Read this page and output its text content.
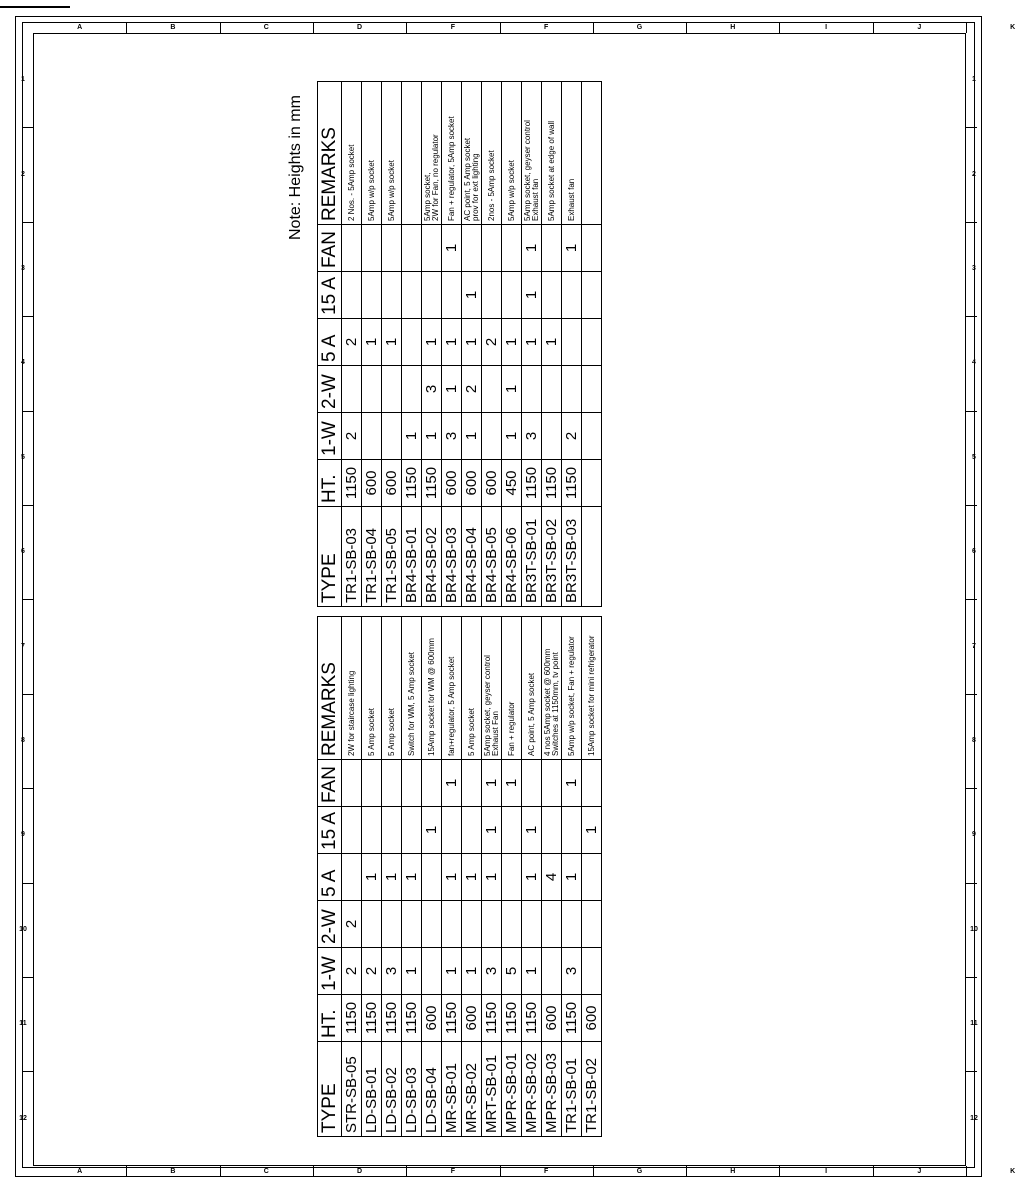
A
A
B
B
C
C
D
D
F
F
F
F
G
G
H
H
I
I
J
J
K
K
1	1
2	2
3	3
4	4
5	5
6	6
7	7
8	8
9	9
10	10
11	11
12	12
Note: Heights in mm
TYPE	HT.	1-W	2-W	5 A	15 A	FAN	REMARKS
STR-SB-05	1150	2	2				2W for staircase lighting

LD-SB-01	1150	2		1			5 Amp socket

LD-SB-02	1150	3		1			5 Amp socket

LD-SB-03	1150	1		1			Switch for WM, 5 Amp socket

LD-SB-04	600				1		15Amp socket for WM @ 600mm

MR-SB-01	1150	1		1		1	fan+regulator, 5 Amp socket

MR-SB-02	600	1		1			5 Amp socket

MRT-SB-01	1150	3		1	1	1	5Amp socket, geyser control Exhaust Fan

MPR-SB-01	1150	5				1	Fan + regulator

MPR-SB-02	1150	1		1	1		AC point, 5 Amp socket

MPR-SB-03	600			4			4 nos 5Amp socket @ 600mm Switches at 1150mm, tv point

TR1-SB-01	1150	3		1		1	5Amp w/p socket, Fan + regulator

TR1-SB-02	600				1		15Amp socket for mini refrigerator
TYPE	HT.	1-W	2-W	5 A	15 A	FAN	REMARKS
TR1-SB-03	1150	2		2			2 Nos. - 5Amp socket

TR1-SB-04	600			1			5Amp w/p socket

TR1-SB-05	600			1			5Amp w/p socket

BR4-SB-01	1150	1					

BR4-SB-02	1150	1	3	1			5Amp socket, 2W for Fan, no regulator

BR4-SB-03	600	3	1	1		1	Fan + regulator, 5Amp socket

BR4-SB-04	600	1	2	1	1		AC point, 5 Amp socket prov for ext lighting

BR4-SB-05	600			2			2nos - 5Amp socket

BR4-SB-06	450	1	1	1			5Amp w/p socket

BR3T-SB-01	1150	3		1	1	1	5Amp socket, geyser control Exhaust fan

BR3T-SB-02	1150			1			5Amp socket at edge of wall

BR3T-SB-03	1150	2				1	Exhaust fan
